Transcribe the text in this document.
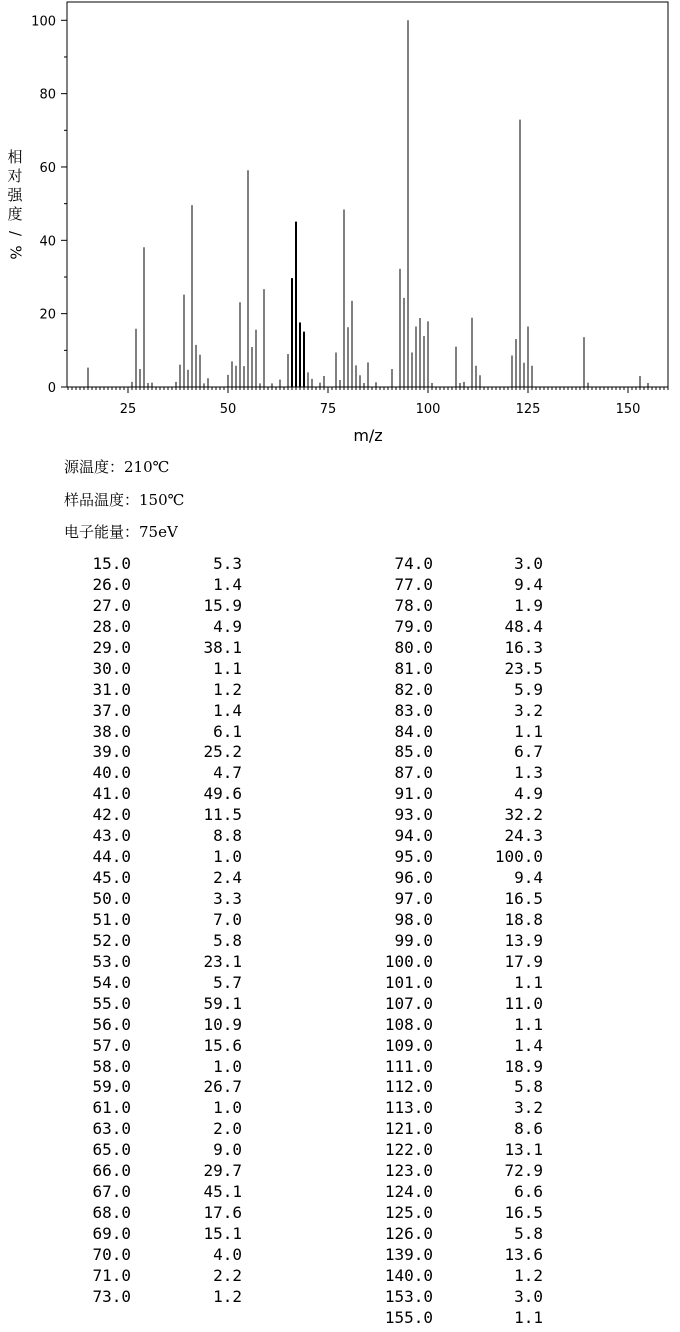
0
20
40
60
80
100
25	50	75	100	125	150
m/z
相
对
强
度
/
%
源温度：210℃
样品温度：150℃
电子能量：75eV
15.0	5.3
26.0	1.4
27.0	15.9
28.0	4.9
29.0	38.1
30.0	1.1
31.0	1.2
37.0	1.4
38.0	6.1
39.0	25.2
40.0	4.7
41.0	49.6
42.0	11.5
43.0	8.8
44.0	1.0
45.0	2.4
50.0	3.3
51.0	7.0
52.0	5.8
53.0	23.1
54.0	5.7
55.0	59.1
56.0	10.9
57.0	15.6
58.0	1.0
59.0	26.7
61.0	1.0
63.0	2.0
65.0	9.0
66.0	29.7
67.0	45.1
68.0	17.6
69.0	15.1
70.0	4.0
71.0	2.2
73.0	1.2
74.0	3.0
77.0	9.4
78.0	1.9
79.0	48.4
80.0	16.3
81.0	23.5
82.0	5.9
83.0	3.2
84.0	1.1
85.0	6.7
87.0	1.3
91.0	4.9
93.0	32.2
94.0	24.3
95.0	100.0
96.0	9.4
97.0	16.5
98.0	18.8
99.0	13.9
100.0	17.9
101.0	1.1
107.0	11.0
108.0	1.1
109.0	1.4
111.0	18.9
112.0	5.8
113.0	3.2
121.0	8.6
122.0	13.1
123.0	72.9
124.0	6.6
125.0	16.5
126.0	5.8
139.0	13.6
140.0	1.2
153.0	3.0
155.0	1.1
